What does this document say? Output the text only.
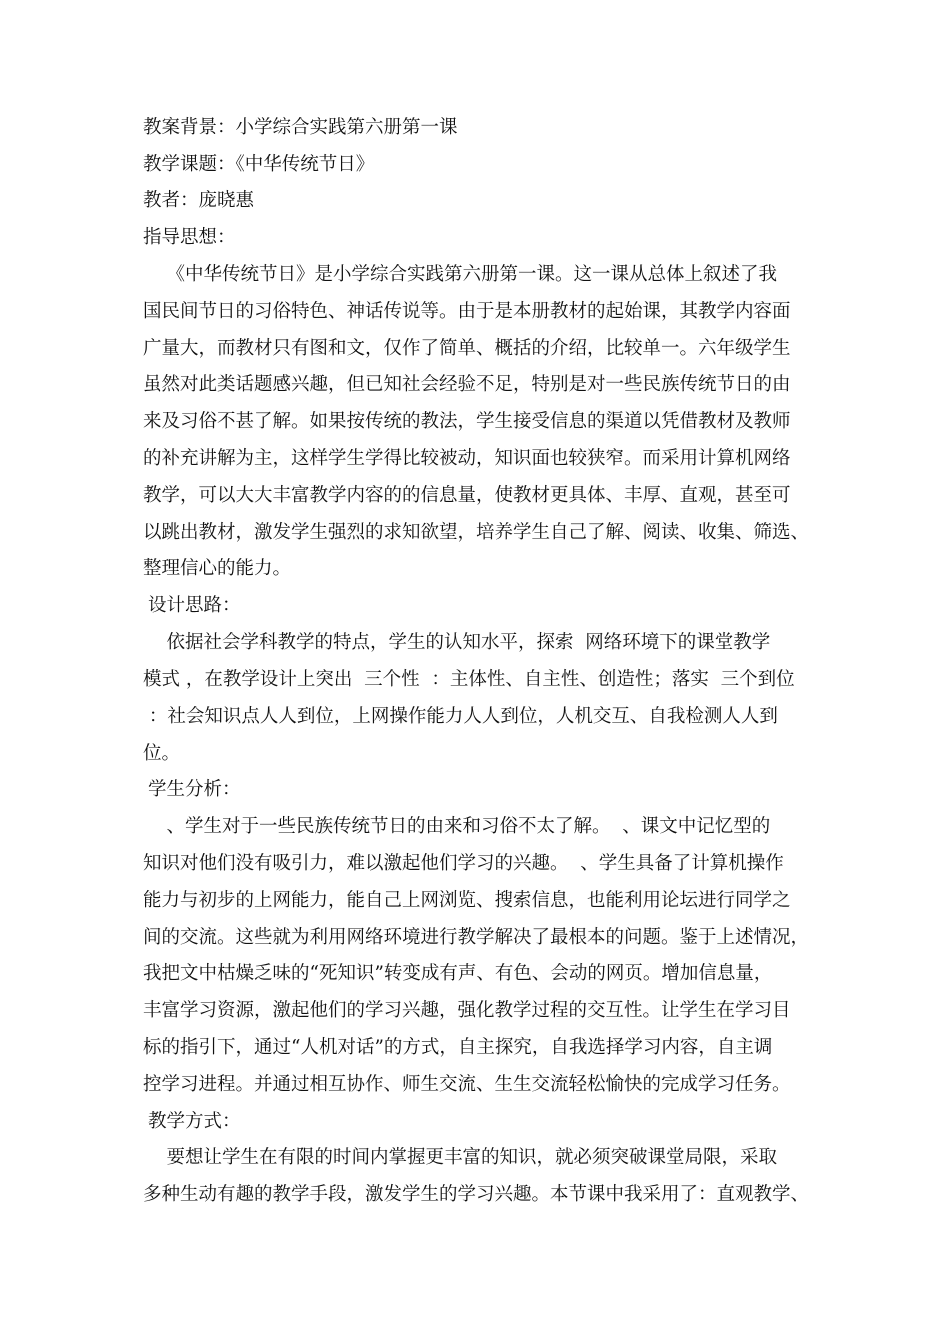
教案背景：小学综合实践第六册第一课
教学课题：《中华传统节日》
教者：庞晓惠
指导思想：
《中华传统节日》是小学综合实践第六册第一课。这一课从总体上叙述了我
国民间节日的习俗特色、神话传说等。由于是本册教材的起始课，其教学内容面
广量大，而教材只有图和文，仅作了简单、概括的介绍，比较单一。六年级学生
虽然对此类话题感兴趣，但已知社会经验不足，特别是对一些民族传统节日的由
来及习俗不甚了解。如果按传统的教法，学生接受信息的渠道以凭借教材及教师
的补充讲解为主，这样学生学得比较被动，知识面也较狭窄。而采用计算机网络
教学，可以大大丰富教学内容的的信息量，使教材更具体、丰厚、直观，甚至可
以跳出教材，激发学生强烈的求知欲望，培养学生自己了解、阅读、收集、筛选、
整理信心的能力。
设计思路：
依据社会学科教学的特点，学生的认知水平，探索  网络环境下的课堂教学
模式 ，在教学设计上突出  三个性  ：主体性、自主性、创造性；落实  三个到位
：社会知识点人人到位，上网操作能力人人到位，人机交互、自我检测人人到
位。
学生分析：
、学生对于一些民族传统节日的由来和习俗不太了解。  、课文中记忆型的
知识对他们没有吸引力，难以激起他们学习的兴趣。  、学生具备了计算机操作
能力与初步的上网能力，能自己上网浏览、搜索信息，也能利用论坛进行同学之
间的交流。这些就为利用网络环境进行教学解决了最根本的问题。鉴于上述情况，
我把文中枯燥乏味的“死知识”转变成有声、有色、会动的网页。增加信息量，
丰富学习资源，激起他们的学习兴趣，强化教学过程的交互性。让学生在学习目
标的指引下，通过“人机对话”的方式，自主探究，自我选择学习内容，自主调
控学习进程。并通过相互协作、师生交流、生生交流轻松愉快的完成学习任务。
教学方式：
要想让学生在有限的时间内掌握更丰富的知识，就必须突破课堂局限，采取
多种生动有趣的教学手段，激发学生的学习兴趣。本节课中我采用了：直观教学、
